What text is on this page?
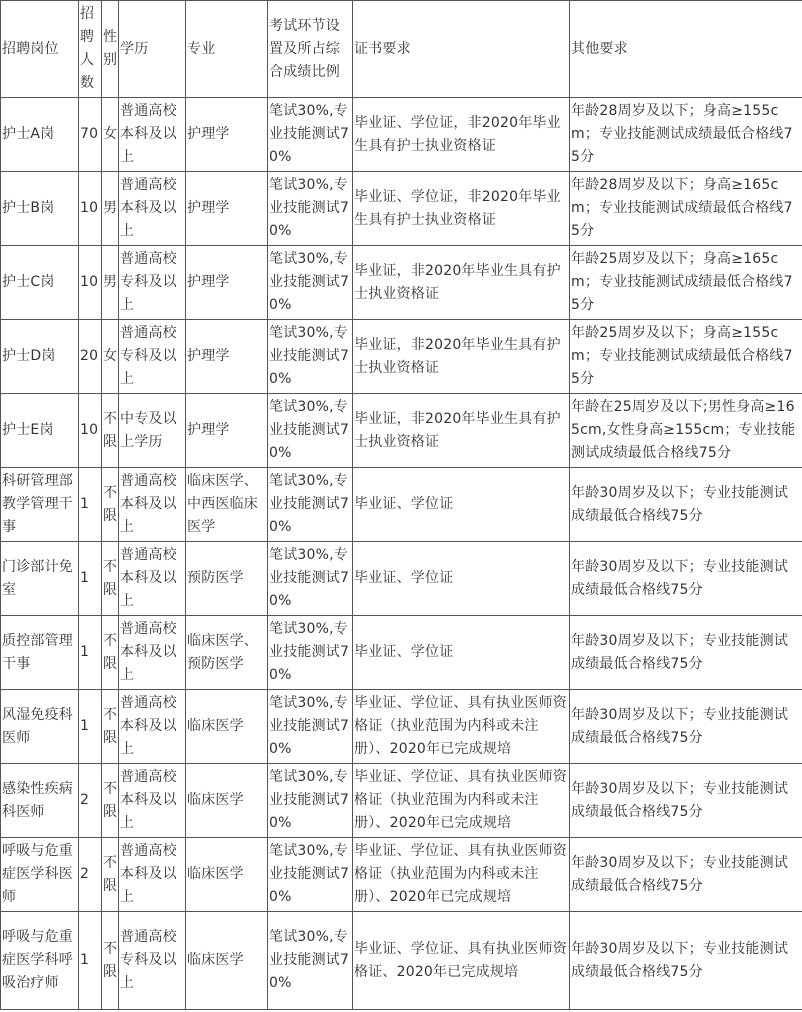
招聘岗位	招聘人数	性别	学历	专业	考试环节设置及所占综合成绩比例	证书要求	其他要求
护士A岗	70	女	普通高校本科及以上	护理学	笔试30%,专业技能测试70%	毕业证、学位证，非2020年毕业生具有护士执业资格证	年龄28周岁及以下；身高≥155cm；专业技能测试成绩最低合格线75分
护士B岗	10	男	普通高校本科及以上	护理学	笔试30%,专业技能测试70%	毕业证、学位证，非2020年毕业生具有护士执业资格证	年龄28周岁及以下；身高≥165cm；专业技能测试成绩最低合格线75分
护士C岗	10	男	普通高校专科及以上	护理学	笔试30%,专业技能测试70%	毕业证，非2020年毕业生具有护士执业资格证	年龄25周岁及以下；身高≥165cm；专业技能测试成绩最低合格线75分
护士D岗	20	女	普通高校专科及以上	护理学	笔试30%,专业技能测试70%	毕业证，非2020年毕业生具有护士执业资格证	年龄25周岁及以下；身高≥155cm；专业技能测试成绩最低合格线75分
护士E岗	10	不限	中专及以上学历	护理学	笔试30%,专业技能测试70%	毕业证，非2020年毕业生具有护士执业资格证	年龄在25周岁及以下;男性身高≥165cm,女性身高≥155cm；专业技能测试成绩最低合格线75分
科研管理部教学管理干事	1	不限	普通高校本科及以上	临床医学、中西医临床医学	笔试30%,专业技能测试70%	毕业证、学位证	年龄30周岁及以下；专业技能测试成绩最低合格线75分
门诊部计免室	1	不限	普通高校本科及以上	预防医学	笔试30%,专业技能测试70%	毕业证、学位证	年龄30周岁及以下；专业技能测试成绩最低合格线75分
质控部管理干事	1	不限	普通高校本科及以上	临床医学、预防医学	笔试30%,专业技能测试70%	毕业证、学位证	年龄30周岁及以下；专业技能测试成绩最低合格线75分
风湿免疫科医师	1	不限	普通高校本科及以上	临床医学	笔试30%,专业技能测试70%	毕业证、学位证、具有执业医师资格证（执业范围为内科或未注册）、2020年已完成规培	年龄30周岁及以下；专业技能测试成绩最低合格线75分
感染性疾病科医师	2	不限	普通高校本科及以上	临床医学	笔试30%,专业技能测试70%	毕业证、学位证、具有执业医师资格证（执业范围为内科或未注册）、2020年已完成规培	年龄30周岁及以下；专业技能测试成绩最低合格线75分
呼吸与危重症医学科医师	2	不限	普通高校本科及以上	临床医学	笔试30%,专业技能测试70%	毕业证、学位证、具有执业医师资格证（执业范围为内科或未注册）、2020年已完成规培	年龄30周岁及以下；专业技能测试成绩最低合格线75分
呼吸与危重症医学科呼吸治疗师	1	不限	普通高校专科及以上	临床医学	笔试30%,专业技能测试70%	毕业证、学位证、具有执业医师资格证、2020年已完成规培	年龄30周岁及以下；专业技能测试成绩最低合格线75分
